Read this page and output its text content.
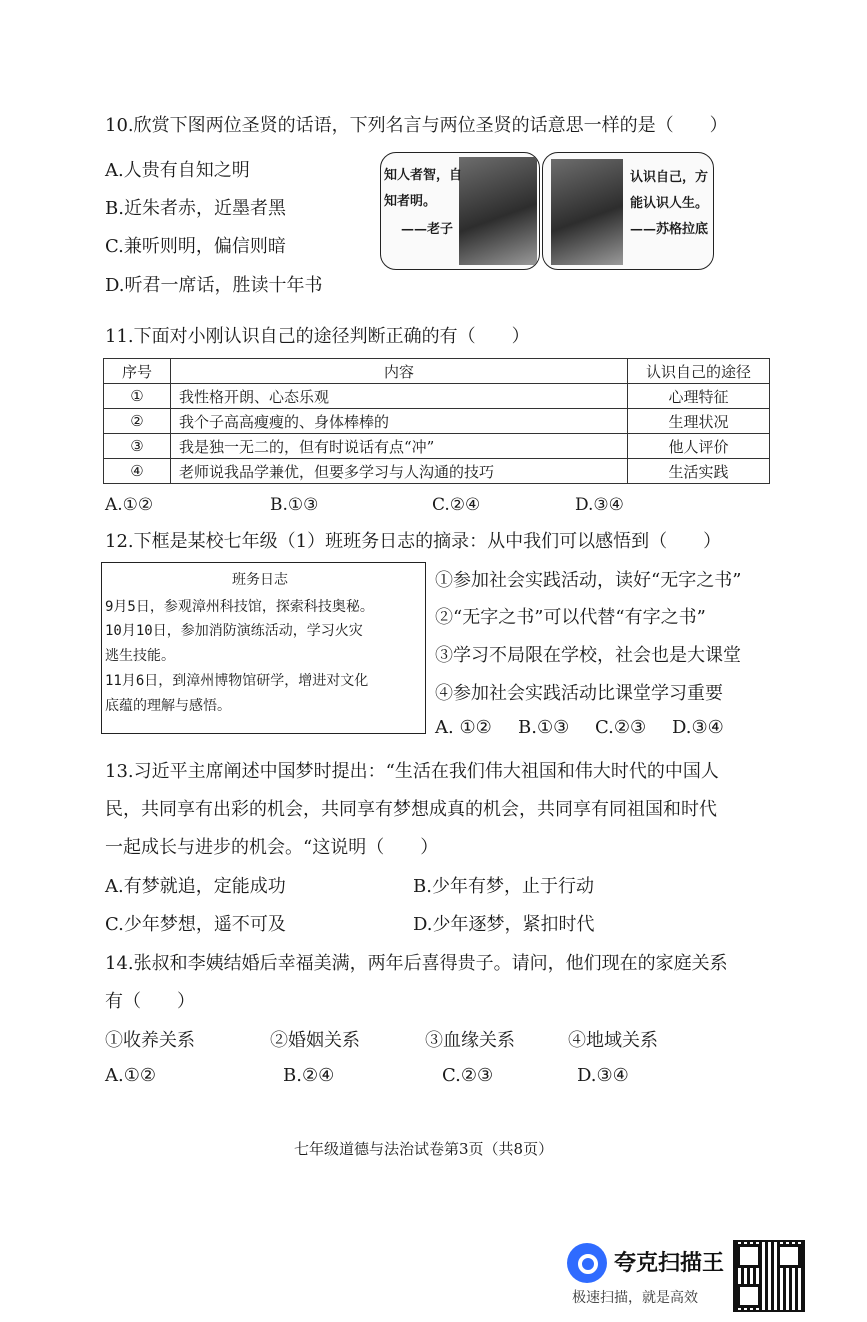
10.欣赏下图两位圣贤的话语，下列名言与两位圣贤的话意思一样的是（　　）
A.人贵有自知之明
B.近朱者赤，近墨者黑
C.兼听则明，偏信则暗
D.听君一席话，胜读十年书
知人者智，自
知者明。
——老子
认识自己，方
能认识人生。
——苏格拉底
11.下面对小刚认识自己的途径判断正确的有（　　）
序号	内容	认识自己的途径
①	我性格开朗、心态乐观	心理特征
②	我个子高高瘦瘦的、身体棒棒的	生理状况
③	我是独一无二的，但有时说话有点“冲”	他人评价
④	老师说我品学兼优，但要多学习与人沟通的技巧	生活实践
A.①②	B.①③	C.②④	D.③④
12.下框是某校七年级（1）班班务日志的摘录：从中我们可以感悟到（　　）
班务日志
9月5日，参观漳州科技馆，探索科技奥秘。
10月10日，参加消防演练活动，学习火灾
逃生技能。
11月6日，到漳州博物馆研学，增进对文化
底蕴的理解与感悟。
①参加社会实践活动，读好“无字之书”
②“无字之书”可以代替“有字之书”
③学习不局限在学校，社会也是大课堂
④参加社会实践活动比课堂学习重要
A. ①② B.①③ C.②③ D.③④
13.习近平主席阐述中国梦时提出：“生活在我们伟大祖国和伟大时代的中国人
民，共同享有出彩的机会，共同享有梦想成真的机会，共同享有同祖国和时代
一起成长与进步的机会。“这说明（　　）
A.有梦就追，定能成功	B.少年有梦，止于行动
C.少年梦想，遥不可及	D.少年逐梦，紧扣时代
14.张叔和李姨结婚后幸福美满，两年后喜得贵子。请问，他们现在的家庭关系
有（　　）
①收养关系	②婚姻关系	③血缘关系	④地域关系
A.①②	B.②④	C.②③	D.③④
七年级道德与法治试卷第3页（共8页）
夸克扫描王
极速扫描，就是高效
